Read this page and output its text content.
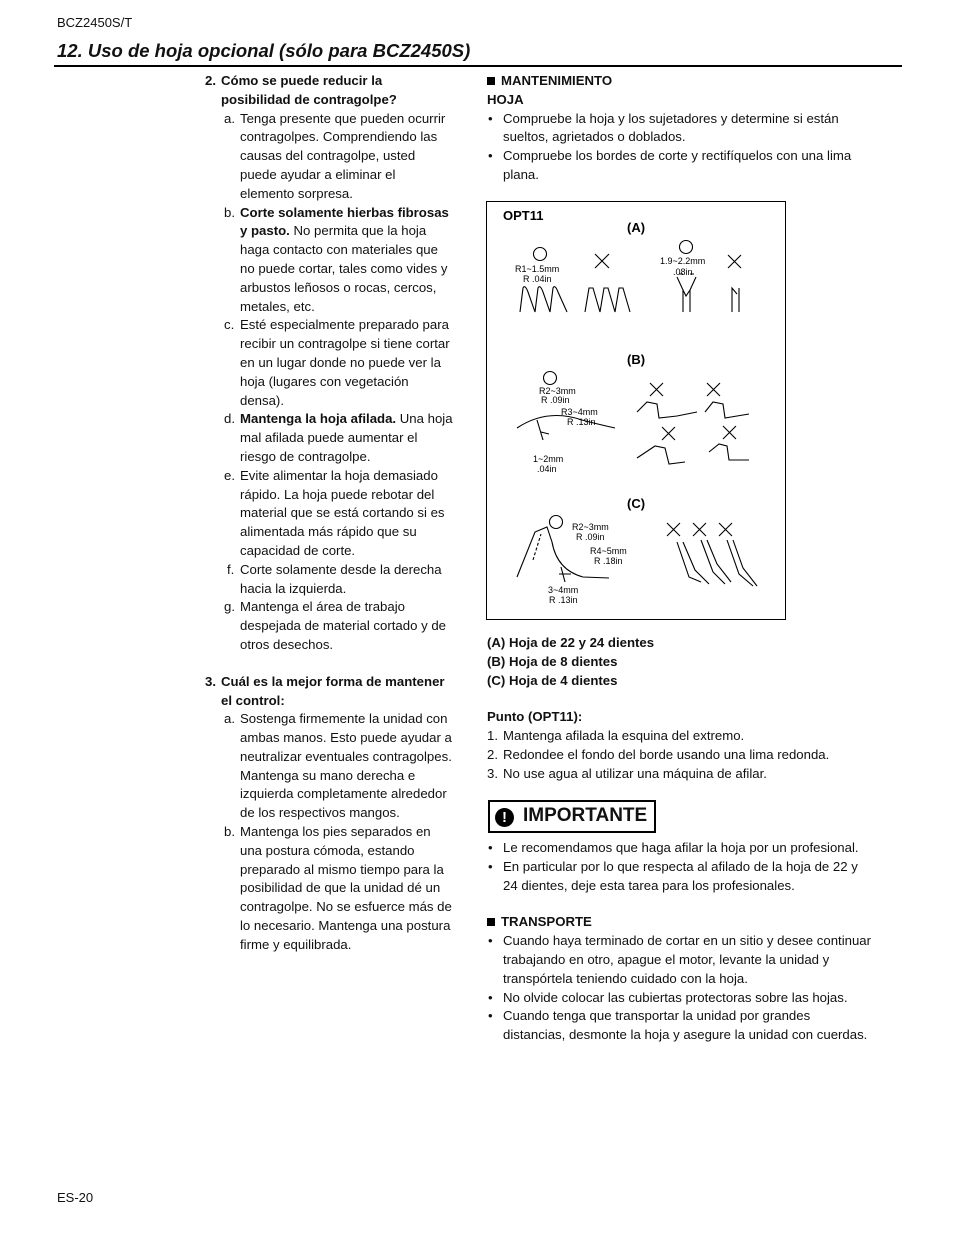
BCZ2450S/T
12. Uso de hoja opcional (sólo para BCZ2450S)
2. Cómo se puede reducir la
posibilidad de contragolpe?
a. Tenga presente que pueden ocurrir
contragolpes. Comprendiendo las
causas del contragolpe, usted
puede ayudar a eliminar el
elemento sorpresa.
b. Corte solamente hierbas fibrosas
y pasto. No permita que la hoja
haga contacto con materiales que
no puede cortar, tales como vides y
arbustos leñosos o rocas, cercos,
metales, etc.
c. Esté especialmente preparado para
recibir un contragolpe si tiene cortar
en un lugar donde no puede ver la
hoja (lugares con vegetación
densa).
d. Mantenga la hoja afilada. Una hoja
mal afilada puede aumentar el
riesgo de contragolpe.
e. Evite alimentar la hoja demasiado
rápido. La hoja puede rebotar del
material que se está cortando si es
alimentada más rápido que su
capacidad de corte.
f. Corte solamente desde la derecha
hacia la izquierda.
g. Mantenga el área de trabajo
despejada de material cortado y de
otros desechos.
3. Cuál es la mejor forma de mantener
el control:
a. Sostenga firmemente la unidad con
ambas manos. Esto puede ayudar a
neutralizar eventuales contragolpes.
Mantenga su mano derecha e
izquierda completamente alrededor
de los respectivos mangos.
b. Mantenga los pies separados en
una postura cómoda, estando
preparado al mismo tiempo para la
posibilidad de que la unidad dé un
contragolpe. No se esfuerce más de
lo necesario. Mantenga una postura
firme y equilibrada.
MANTENIMIENTO
HOJA
• Compruebe la hoja y los sujetadores y determine si están
sueltos, agrietados o doblados.
• Compruebe los bordes de corte y rectifíquelos con una lima
plana.
OPT11
(A)
(B)
(C)
R1~1.5mm
R .04in
1.9~2.2mm
.08in
R2~3mm
R .09in
R3~4mm
R .13in
1~2mm
.04in
R2~3mm
R .09in
R4~5mm
R .18in
3~4mm
R .13in
(A) Hoja de 22 y 24 dientes
(B) Hoja de 8 dientes
(C) Hoja de 4 dientes
Punto (OPT11):
1. Mantenga afilada la esquina del extremo.
2. Redondee el fondo del borde usando una lima redonda.
3. No use agua al utilizar una máquina de afilar.
! IMPORTANTE
• Le recomendamos que haga afilar la hoja por un profesional.
• En particular por lo que respecta al afilado de la hoja de 22 y
24 dientes, deje esta tarea para los profesionales.
TRANSPORTE
• Cuando haya terminado de cortar en un sitio y desee continuar
trabajando en otro, apague el motor, levante la unidad y
transpórtela teniendo cuidado con la hoja.
• No olvide colocar las cubiertas protectoras sobre las hojas.
• Cuando tenga que transportar la unidad por grandes
distancias, desmonte la hoja y asegure la unidad con cuerdas.
ES-20
